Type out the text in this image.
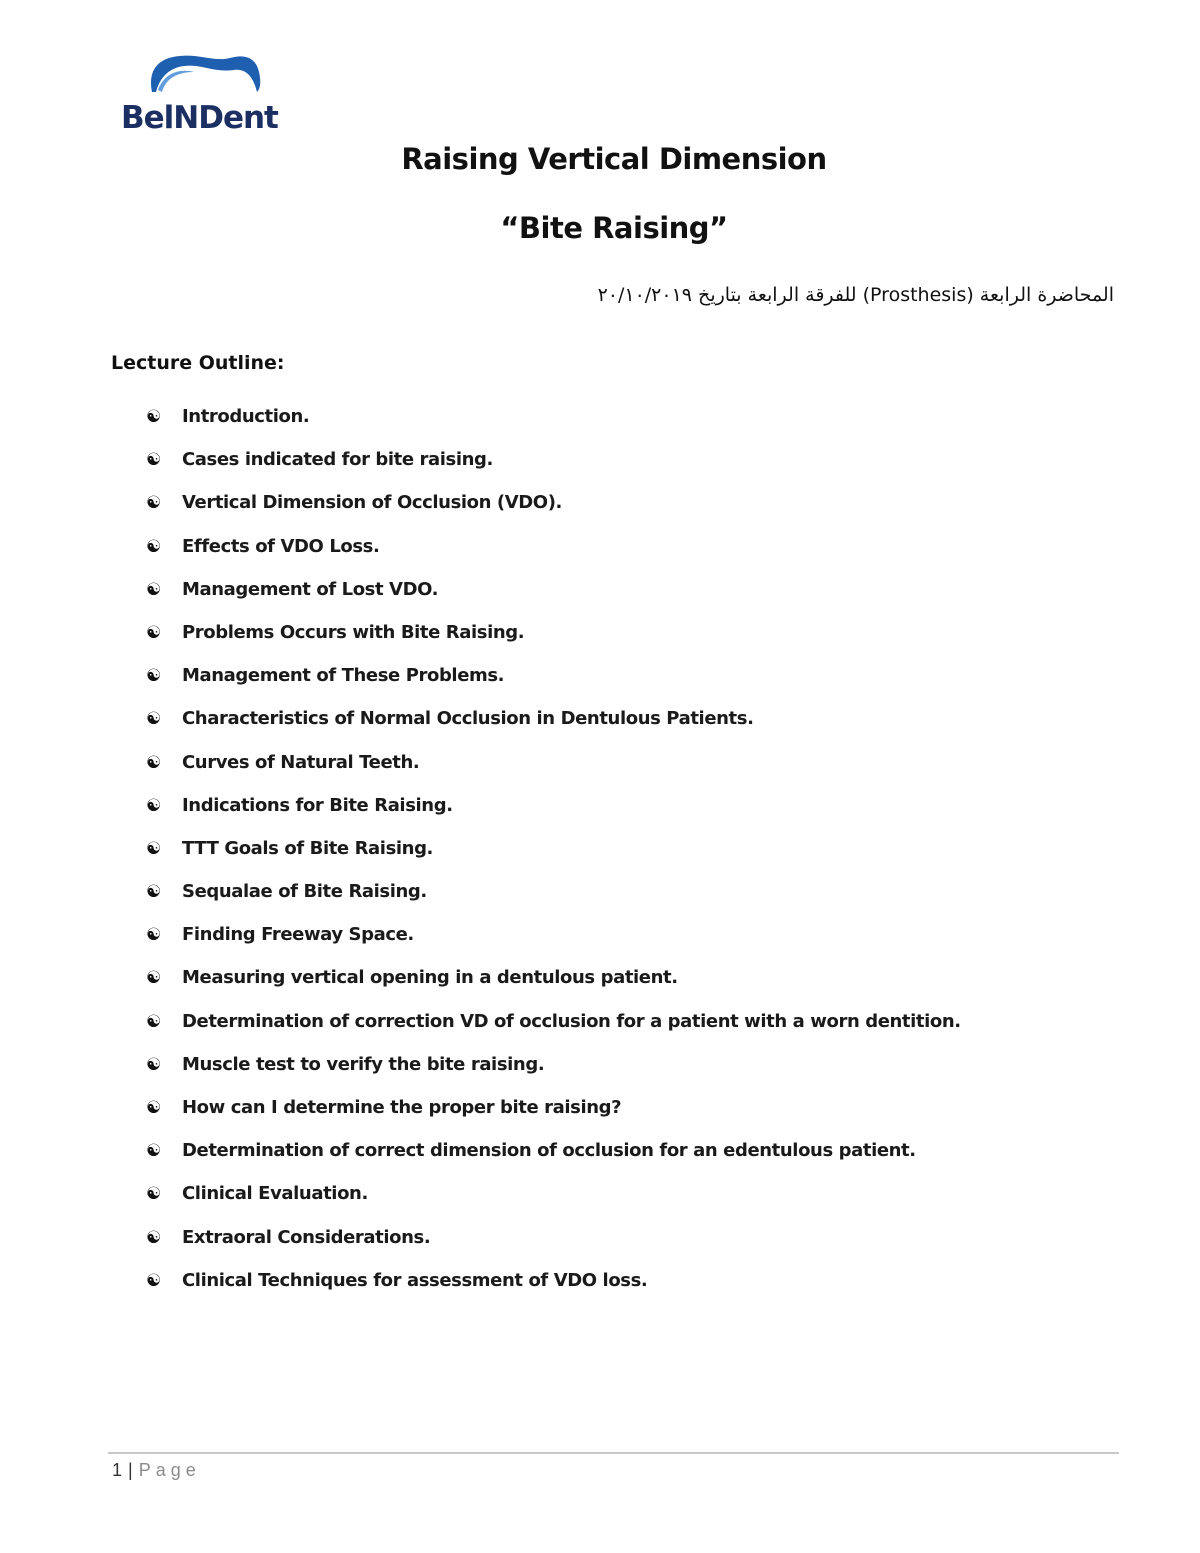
BelNDent
Raising Vertical Dimension
“Bite Raising”
المحاضرة الرابعة (Prosthesis) للفرقة الرابعة بتاريخ ٢٠/١٠/٢٠١٩
Lecture Outline:
☯	Introduction.
☯	Cases indicated for bite raising.
☯	Vertical Dimension of Occlusion (VDO).
☯	Effects of VDO Loss.
☯	Management of Lost VDO.
☯	Problems Occurs with Bite Raising.
☯	Management of These Problems.
☯	Characteristics of Normal Occlusion in Dentulous Patients.
☯	Curves of Natural Teeth.
☯	Indications for Bite Raising.
☯	TTT Goals of Bite Raising.
☯	Sequalae of Bite Raising.
☯	Finding Freeway Space.
☯	Measuring vertical opening in a dentulous patient.
☯	Determination of correction VD of occlusion for a patient with a worn dentition.
☯	Muscle test to verify the bite raising.
☯	How can I determine the proper bite raising?
☯	Determination of correct dimension of occlusion for an edentulous patient.
☯	Clinical Evaluation.
☯	Extraoral Considerations.
☯	Clinical Techniques for assessment of VDO loss.
1 | Page
